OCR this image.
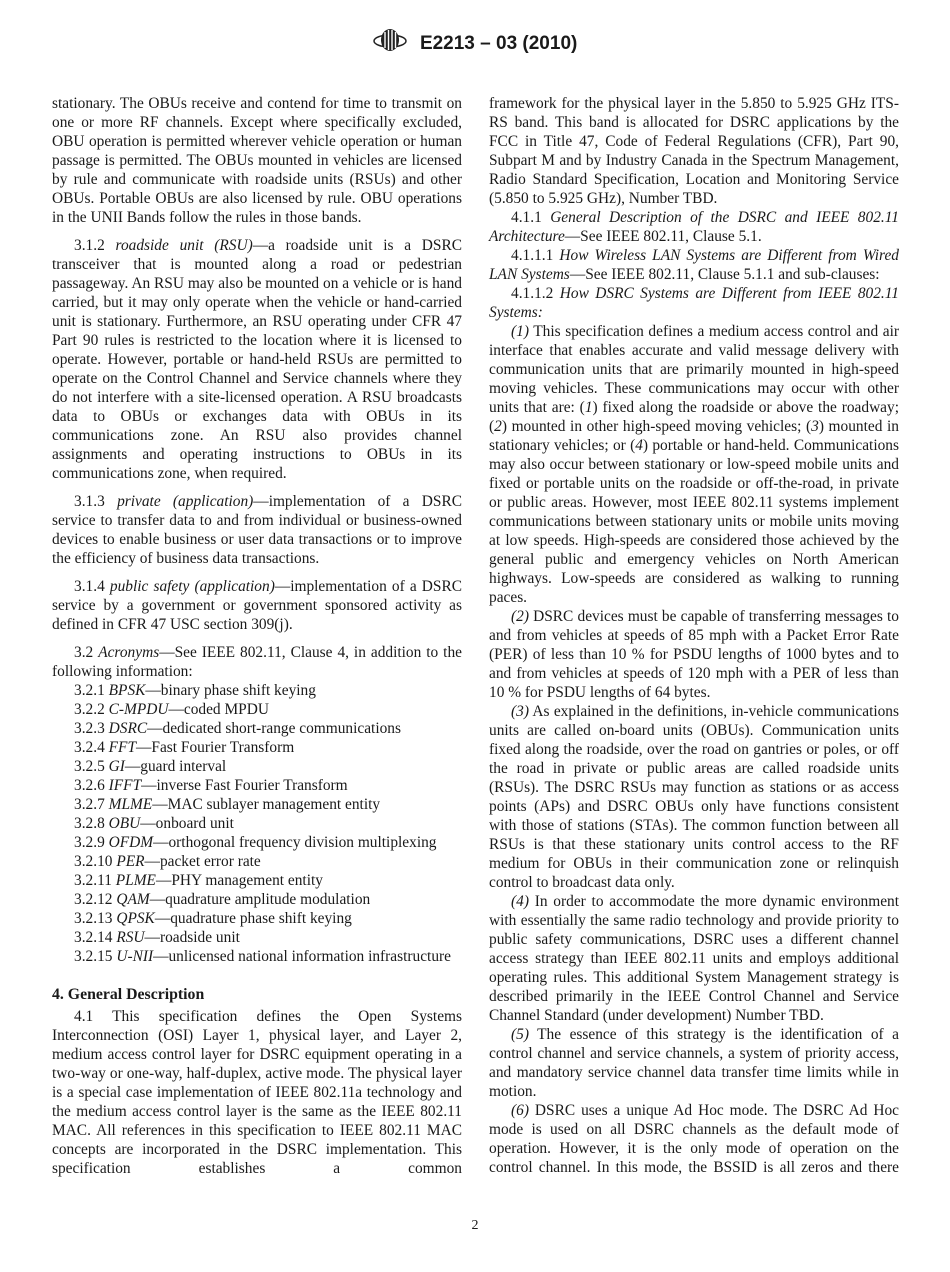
E2213 – 03 (2010)

stationary. The OBUs receive and contend for time to transmit on one or more RF channels. Except where specifically excluded, OBU operation is permitted wherever vehicle operation or human passage is permitted. The OBUs mounted in vehicles are licensed by rule and communicate with roadside units (RSUs) and other OBUs. Portable OBUs are also licensed by rule. OBU operations in the UNII Bands follow the rules in those bands.

3.1.2 roadside unit (RSU)—a roadside unit is a DSRC transceiver that is mounted along a road or pedestrian passageway. An RSU may also be mounted on a vehicle or is hand carried, but it may only operate when the vehicle or hand-carried unit is stationary. Furthermore, an RSU operating under CFR 47 Part 90 rules is restricted to the location where it is licensed to operate. However, portable or hand-held RSUs are permitted to operate on the Control Channel and Service channels where they do not interfere with a site-licensed operation. A RSU broadcasts data to OBUs or exchanges data with OBUs in its communications zone. An RSU also provides channel assignments and operating instructions to OBUs in its communications zone, when required.

3.1.3 private (application)—implementation of a DSRC service to transfer data to and from individual or business-owned devices to enable business or user data transactions or to improve the efficiency of business data transactions.

3.1.4 public safety (application)—implementation of a DSRC service by a government or government sponsored activity as defined in CFR 47 USC section 309(j).

3.2 Acronyms—See IEEE 802.11, Clause 4, in addition to the following information:

3.2.1 BPSK—binary phase shift keying

3.2.2 C-MPDU—coded MPDU

3.2.3 DSRC—dedicated short-range communications

3.2.4 FFT—Fast Fourier Transform

3.2.5 GI—guard interval

3.2.6 IFFT—inverse Fast Fourier Transform

3.2.7 MLME—MAC sublayer management entity

3.2.8 OBU—onboard unit

3.2.9 OFDM—orthogonal frequency division multiplexing

3.2.10 PER—packet error rate

3.2.11 PLME—PHY management entity

3.2.12 QAM—quadrature amplitude modulation

3.2.13 QPSK—quadrature phase shift keying

3.2.14 RSU—roadside unit

3.2.15 U-NII—unlicensed national information infrastructure

4. General Description

4.1 This specification defines the Open Systems Interconnection (OSI) Layer 1, physical layer, and Layer 2, medium access control layer for DSRC equipment operating in a two-way or one-way, half-duplex, active mode. The physical layer is a special case implementation of IEEE 802.11a technology and the medium access control layer is the same as the IEEE 802.11 MAC. All references in this specification to IEEE 802.11 MAC concepts are incorporated in the DSRC implementation. This specification establishes a common

framework for the physical layer in the 5.850 to 5.925 GHz ITS-RS band. This band is allocated for DSRC applications by the FCC in Title 47, Code of Federal Regulations (CFR), Part 90, Subpart M and by Industry Canada in the Spectrum Management, Radio Standard Specification, Location and Monitoring Service (5.850 to 5.925 GHz), Number TBD.

4.1.1 General Description of the DSRC and IEEE 802.11 Architecture—See IEEE 802.11, Clause 5.1.

4.1.1.1 How Wireless LAN Systems are Different from Wired LAN Systems—See IEEE 802.11, Clause 5.1.1 and sub-clauses:

4.1.1.2 How DSRC Systems are Different from IEEE 802.11 Systems:

(1) This specification defines a medium access control and air interface that enables accurate and valid message delivery with communication units that are primarily mounted in high-speed moving vehicles. These communications may occur with other units that are: (1) fixed along the roadside or above the roadway; (2) mounted in other high-speed moving vehicles; (3) mounted in stationary vehicles; or (4) portable or hand-held. Communications may also occur between stationary or low-speed mobile units and fixed or portable units on the roadside or off-the-road, in private or public areas. However, most IEEE 802.11 systems implement communications between stationary units or mobile units moving at low speeds. High-speeds are considered those achieved by the general public and emergency vehicles on North American highways. Low-speeds are considered as walking to running paces.

(2) DSRC devices must be capable of transferring messages to and from vehicles at speeds of 85 mph with a Packet Error Rate (PER) of less than 10 % for PSDU lengths of 1000 bytes and to and from vehicles at speeds of 120 mph with a PER of less than 10 % for PSDU lengths of 64 bytes.

(3) As explained in the definitions, in-vehicle communications units are called on-board units (OBUs). Communication units fixed along the roadside, over the road on gantries or poles, or off the road in private or public areas are called roadside units (RSUs). The DSRC RSUs may function as stations or as access points (APs) and DSRC OBUs only have functions consistent with those of stations (STAs). The common function between all RSUs is that these stationary units control access to the RF medium for OBUs in their communication zone or relinquish control to broadcast data only.

(4) In order to accommodate the more dynamic environment with essentially the same radio technology and provide priority to public safety communications, DSRC uses a different channel access strategy than IEEE 802.11 units and employs additional operating rules. This additional System Management strategy is described primarily in the IEEE Control Channel and Service Channel Standard (under development) Number TBD.

(5) The essence of this strategy is the identification of a control channel and service channels, a system of priority access, and mandatory service channel data transfer time limits while in motion.

(6) DSRC uses a unique Ad Hoc mode. The DSRC Ad Hoc mode is used on all DSRC channels as the default mode of operation. However, it is the only mode of operation on the control channel. In this mode, the BSSID is all zeros and there

2
